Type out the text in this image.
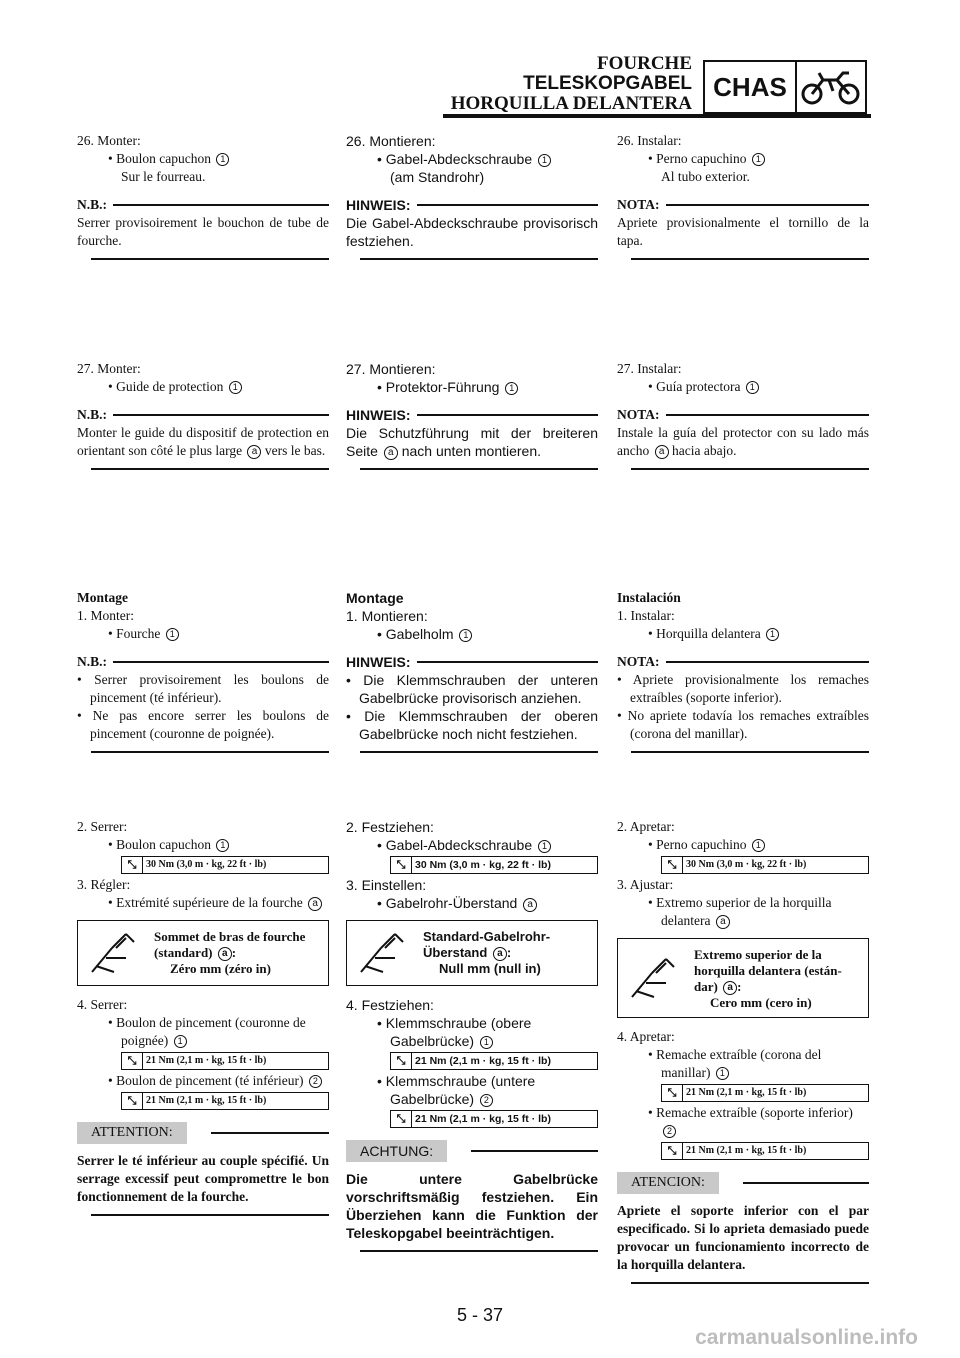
FOURCHE
TELESKOPGABEL
HORQUILLA DELANTERA
CHAS
26. Monter:
• Boulon capuchon 1
Sur le fourreau.
N.B.:
Serrer provisoirement le bouchon de tube de fourche.
27. Monter:
• Guide de protection 1
N.B.:
Monter le guide du dispositif de protection en orientant son côté le plus large a vers le bas.
Montage
1. Monter:
• Fourche 1
N.B.:
• Serrer provisoirement les boulons de pincement (té inférieur).
• Ne pas encore serrer les boulons de pincement (couronne de poignée).
2. Serrer:
• Boulon capuchon 1
⤡ 30 Nm (3,0 m · kg, 22 ft · lb)
3. Régler:
• Extrémité supérieure de la fourche a
Sommet de bras de fourche
(standard) a :
Zéro mm (zéro in)
4. Serrer:
• Boulon de pincement (couronne de poignée) 1
⤡ 21 Nm (2,1 m · kg, 15 ft · lb)
• Boulon de pincement (té inférieur) 2
⤡ 21 Nm (2,1 m · kg, 15 ft · lb)
ATTENTION:
Serrer le té inférieur au couple spécifié. Un serrage excessif peut compromettre le bon fonctionnement de la fourche.
26. Montieren:
• Gabel-Abdeckschraube 1
(am Standrohr)
HINWEIS:
Die Gabel-Abdeckschraube provisorisch festziehen.
27. Montieren:
• Protektor-Führung 1
HINWEIS:
Die Schutzführung mit der breiteren Seite a nach unten montieren.
Montage
1. Montieren:
• Gabelholm 1
HINWEIS:
• Die Klemmschrauben der unteren Gabelbrücke provisorisch anziehen.
• Die Klemmschrauben der oberen Gabelbrücke noch nicht festziehen.
2. Festziehen:
• Gabel-Abdeckschraube 1
⤡ 30 Nm (3,0 m · kg, 22 ft · lb)
3. Einstellen:
• Gabelrohr-Überstand a
Standard-Gabelrohr-
Überstand a :
Null mm (null in)
4. Festziehen:
• Klemmschraube (obere Gabelbrücke) 1
⤡ 21 Nm (2,1 m · kg, 15 ft · lb)
• Klemmschraube (untere Gabelbrücke) 2
⤡ 21 Nm (2,1 m · kg, 15 ft · lb)
ACHTUNG:
Die untere Gabelbrücke vorschriftsmäßig festziehen. Ein Überziehen kann die Funktion der Teleskopgabel beeinträchtigen.
26. Instalar:
• Perno capuchino 1
Al tubo exterior.
NOTA:
Apriete provisionalmente el tornillo de la tapa.
27. Instalar:
• Guía protectora 1
NOTA:
Instale la guía del protector con su lado más ancho a hacia abajo.
Instalación
1. Instalar:
• Horquilla delantera 1
NOTA:
• Apriete provisionalmente los remaches extraíbles (soporte inferior).
• No apriete todavía los remaches extraíbles (corona del manillar).
2. Apretar:
• Perno capuchino 1
⤡ 30 Nm (3,0 m · kg, 22 ft · lb)
3. Ajustar:
• Extremo superior de la horquilla delantera a
Extremo superior de la horquilla delantera (están-
dar) a :
Cero mm (cero in)
4. Apretar:
• Remache extraíble (corona del manillar) 1
⤡ 21 Nm (2,1 m · kg, 15 ft · lb)
• Remache extraíble (soporte inferior) 2
⤡ 21 Nm (2,1 m · kg, 15 ft · lb)
ATENCION:
Apriete el soporte inferior con el par especificado. Si lo aprieta demasiado puede provocar un funcionamiento incorrecto de la horquilla delantera.
5 - 37
carmanualsonline.info
